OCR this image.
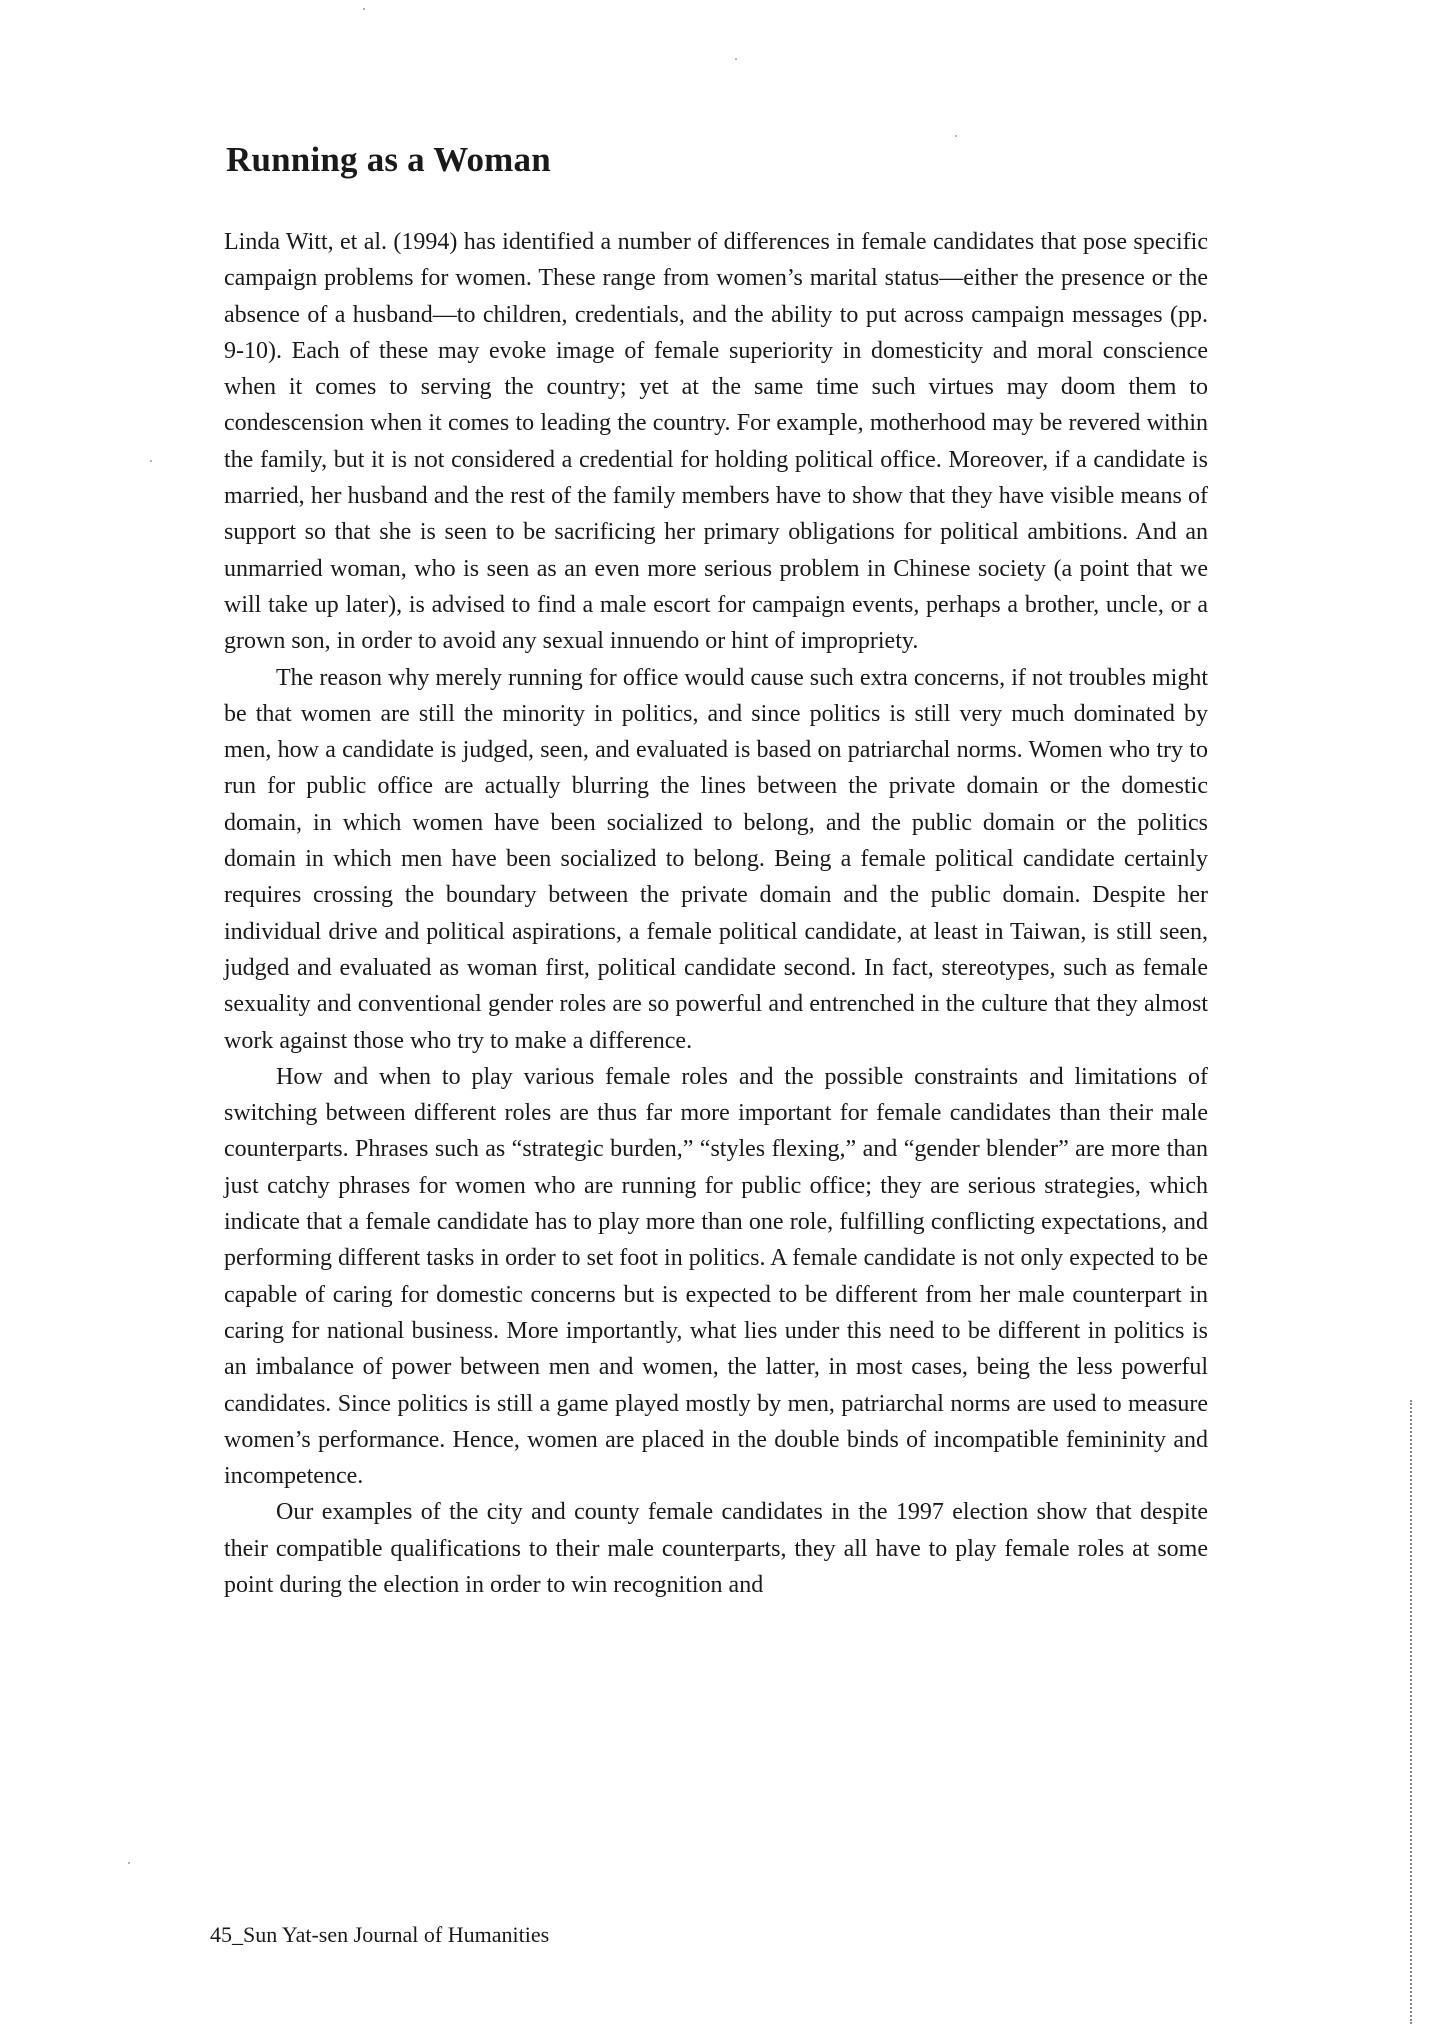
Running as a Woman

Linda Witt, et al. (1994) has identified a number of differences in female candidates that pose specific campaign problems for women. These range from women’s marital status—either the presence or the absence of a husband—to children, credentials, and the ability to put across campaign messages (pp. 9-10). Each of these may evoke image of female superiority in domesticity and moral conscience when it comes to serving the country; yet at the same time such virtues may doom them to condescension when it comes to leading the country. For example, motherhood may be revered within the family, but it is not considered a credential for holding political office. Moreover, if a candidate is married, her husband and the rest of the family members have to show that they have visible means of support so that she is seen to be sacrificing her primary obligations for political ambitions. And an unmarried woman, who is seen as an even more serious problem in Chinese society (a point that we will take up later), is advised to find a male escort for campaign events, perhaps a brother, uncle, or a grown son, in order to avoid any sexual innuendo or hint of impropriety.

The reason why merely running for office would cause such extra concerns, if not troubles might be that women are still the minority in politics, and since politics is still very much dominated by men, how a candidate is judged, seen, and evaluated is based on patriarchal norms. Women who try to run for public office are actually blurring the lines between the private domain or the domestic domain, in which women have been socialized to belong, and the public domain or the politics domain in which men have been socialized to belong. Being a female political candidate certainly requires crossing the boundary between the private domain and the public domain. Despite her individual drive and political aspirations, a female political candidate, at least in Taiwan, is still seen, judged and evaluated as woman first, political candidate second. In fact, stereotypes, such as female sexuality and conventional gender roles are so powerful and entrenched in the culture that they almost work against those who try to make a difference.

How and when to play various female roles and the possible constraints and limitations of switching between different roles are thus far more important for female candidates than their male counterparts. Phrases such as “strategic burden,” “styles flexing,” and “gender blender” are more than just catchy phrases for women who are running for public office; they are serious strategies, which indicate that a female candidate has to play more than one role, fulfilling conflicting expectations, and performing different tasks in order to set foot in politics. A female candidate is not only expected to be capable of caring for domestic concerns but is expected to be different from her male counterpart in caring for national business. More importantly, what lies under this need to be different in politics is an imbalance of power between men and women, the latter, in most cases, being the less powerful candidates. Since politics is still a game played mostly by men, patriarchal norms are used to measure women’s performance. Hence, women are placed in the double binds of incompatible femininity and incompetence.

Our examples of the city and county female candidates in the 1997 election show that despite their compatible qualifications to their male counterparts, they all have to play female roles at some point during the election in order to win recognition and

45_Sun Yat-sen Journal of Humanities
